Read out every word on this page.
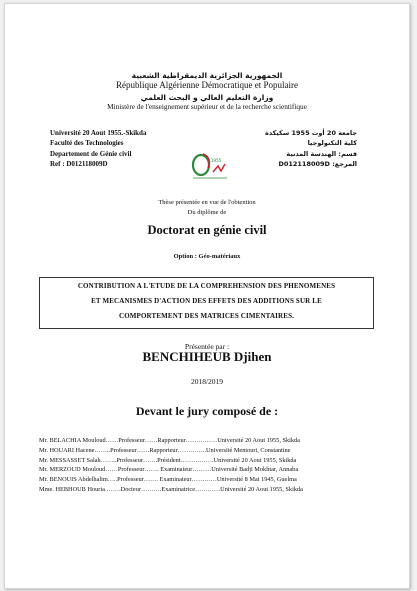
الجمهورية الجزائرية الديمقراطية الشعبية
République Algérienne Démocratique et Populaire
وزارة التعليم العالي و البحث العلمي
Ministère de l'enseignement supérieur et de la recherche scientifique
Université 20 Aout 1955.-Skikda
Faculté des Technologies
Departement de Génie civil
Ref : D012118009D
جامعة 20 أوت 1955 سكيكدة
كلية التكنولوجيا
قسم: الهندسة المدنية
المرجع: D012118009D
1955
Thèse présentée en vue de l'obtention
Du diplôme de
Doctorat en génie civil
Option : Géo-matériaux
CONTRIBUTION A L'ETUDE DE LA COMPREHENSION DES PHENOMENES
ET MECANISMES D'ACTION DES EFFETS DES ADDITIONS SUR LE
COMPORTEMENT DES MATRICES CIMENTAIRES.
Présentée par :
BENCHIHEUB Djihen
2018/2019
Devant le jury composé de :
Mr. BELACHIA Mouloud……Professeur……Rapporteur……………Université 20 Aout 1955, Skikda
Mr. HOUARI Hacene……..Professeur……Rapporteur…………..Université Mentouri, Constantine
Mr. MESSASSET Salah……..Professeur…….Président…………….Université 20 Aout 1955, Skikda
Mr. MERZOUD Mouloud……Professeur……. Examinateur………Université Badji Mokhtar, Annaba
Mr. BENOUIS Abdelhalim…..Professeur……. Examinateur…………Université 8 Mai 1945, Guelma
Mme. HEBHOUB Houria …….Docteur……….Examinatrice…………Université 20 Aout 1955, Skikda
